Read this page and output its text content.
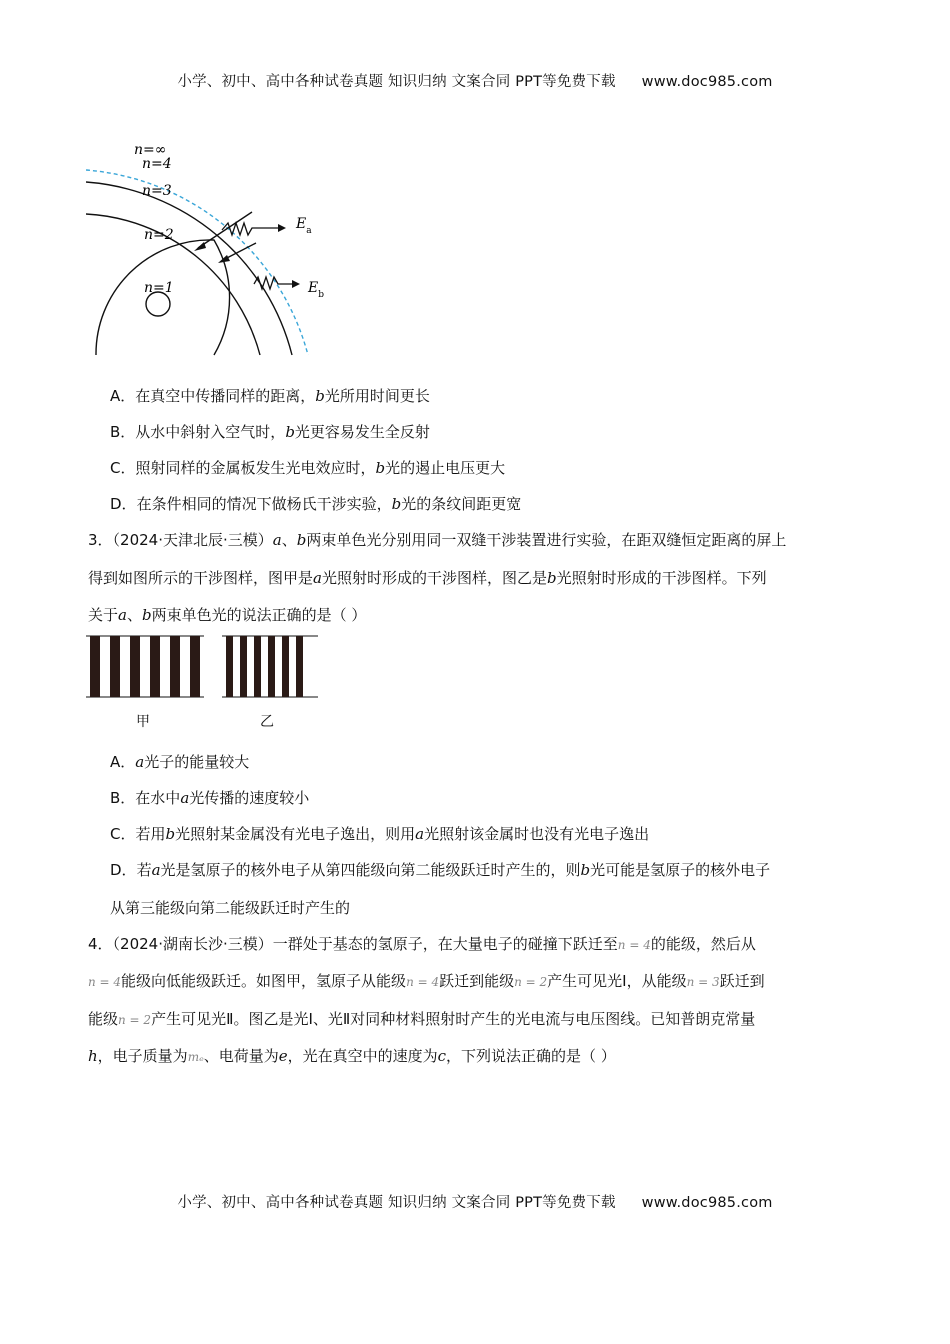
小学、初中、高中各种试卷真题 知识归纳 文案合同 PPT等免费下载 www.doc985.com
n=∞
n=4
n=3
n=2
n=1
$E_a$
$E_b$
A．在真空中传播同样的距离，b光所用时间更长
B．从水中斜射入空气时，b光更容易发生全反射
C．照射同样的金属板发生光电效应时，b光的遏止电压更大
D．在条件相同的情况下做杨氏干涉实验，b光的条纹间距更宽
3．（2024·天津北辰·三模）a、b两束单色光分别用同一双缝干涉装置进行实验，在距双缝恒定距离的屏上
得到如图所示的干涉图样，图甲是a光照射时形成的干涉图样，图乙是b光照射时形成的干涉图样。下列
关于a、b两束单色光的说法正确的是（ ）
甲	乙
A．a光子的能量较大
B．在水中a光传播的速度较小
C．若用b光照射某金属没有光电子逸出，则用a光照射该金属时也没有光电子逸出
D．若a光是氢原子的核外电子从第四能级向第二能级跃迁时产生的，则b光可能是氢原子的核外电子
从第三能级向第二能级跃迁时产生的
4．（2024·湖南长沙·三模）一群处于基态的氢原子，在大量电子的碰撞下跃迁至n = 4的能级，然后从
n = 4能级向低能级跃迁。如图甲，氢原子从能级n = 4跃迁到能级n = 2产生可见光Ⅰ，从能级n = 3跃迁到
能级n = 2产生可见光Ⅱ。图乙是光Ⅰ、光Ⅱ对同种材料照射时产生的光电流与电压图线。已知普朗克常量
h，电子质量为mₑ、电荷量为e，光在真空中的速度为c，下列说法正确的是（ ）
小学、初中、高中各种试卷真题 知识归纳 文案合同 PPT等免费下载 www.doc985.com
